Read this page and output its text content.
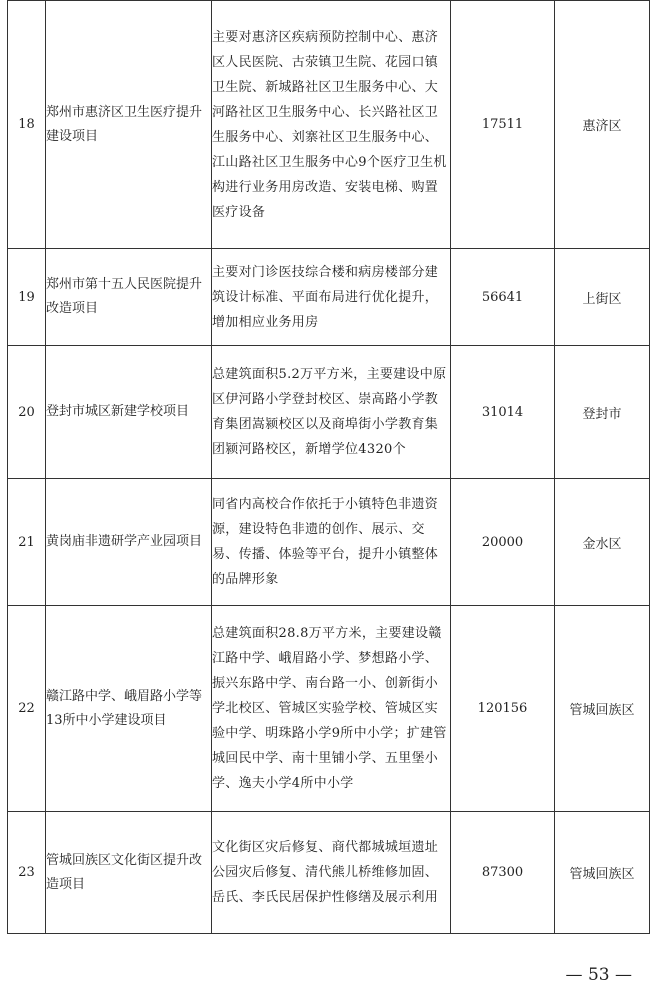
18	郑州市惠济区卫生医疗提升建设项目	主要对惠济区疾病预防控制中心、惠济区人民医院、古荥镇卫生院、花园口镇卫生院、新城路社区卫生服务中心、大河路社区卫生服务中心、长兴路社区卫生服务中心、刘寨社区卫生服务中心、江山路社区卫生服务中心9个医疗卫生机构进行业务用房改造、安装电梯、购置医疗设备	17511	惠济区
19	郑州市第十五人民医院提升改造项目	主要对门诊医技综合楼和病房楼部分建筑设计标准、平面布局进行优化提升，增加相应业务用房	56641	上街区
20	登封市城区新建学校项目	总建筑面积5.2万平方米，主要建设中原区伊河路小学登封校区、崇高路小学教育集团嵩颍校区以及商埠街小学教育集团颍河路校区，新增学位4320个	31014	登封市
21	黄岗庙非遗研学产业园项目	同省内高校合作依托于小镇特色非遗资源，建设特色非遗的创作、展示、交易、传播、体验等平台，提升小镇整体的品牌形象	20000	金水区
22	赣江路中学、峨眉路小学等13所中小学建设项目	总建筑面积28.8万平方米，主要建设赣江路中学、峨眉路小学、梦想路小学、振兴东路中学、南台路一小、创新街小学北校区、管城区实验学校、管城区实验中学、明珠路小学9所中小学；扩建管城回民中学、南十里铺小学、五里堡小学、逸夫小学4所中小学	120156	管城回族区
23	管城回族区文化街区提升改造项目	文化街区灾后修复、商代都城城垣遗址公园灾后修复、清代熊儿桥维修加固、岳氏、李氏民居保护性修缮及展示利用	87300	管城回族区
— 53 —
